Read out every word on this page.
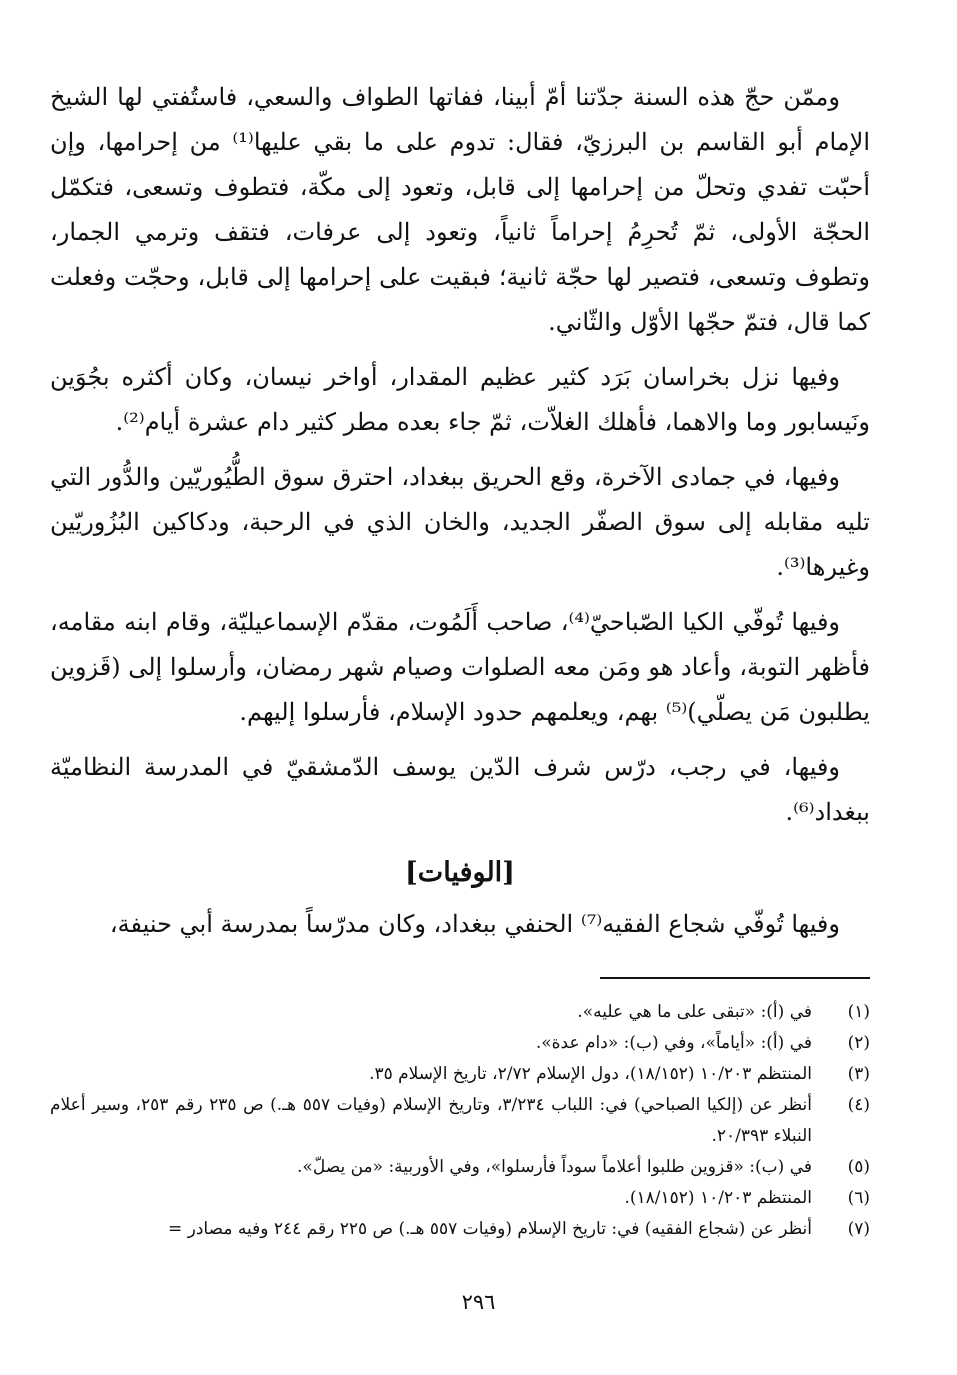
وممّن حجّ هذه السنة جدّتنا أمّ أبينا، ففاتها الطواف والسعي، فاستُفتي لها الشيخ الإمام أبو القاسم بن البرزيّ، فقال: تدوم على ما بقي عليها⁽¹⁾ من إحرامها، وإن أحبّت تفدي وتحلّ من إحرامها إلى قابل، وتعود إلى مكّة، فتطوف وتسعى، فتكمّل الحجّة الأولى، ثمّ تُحرِمُ إحراماً ثانياً، وتعود إلى عرفات، فتقف وترمي الجمار، وتطوف وتسعى، فتصير لها حجّة ثانية؛ فبقيت على إحرامها إلى قابل، وحجّت وفعلت كما قال، فتمّ حجّها الأوّل والثّاني.

وفيها نزل بخراسان بَرَد كثير عظيم المقدار، أواخر نيسان، وكان أكثره بجُوَين ونَيسابور وما والاهما، فأهلك الغلاّت، ثمّ جاء بعده مطر كثير دام عشرة أيام⁽²⁾.

وفيها، في جمادى الآخرة، وقع الحريق ببغداد، احترق سوق الطُّيُوريّين والدُّور التي تليه مقابله إلى سوق الصفّر الجديد، والخان الذي في الرحبة، ودكاكين البُزُوريّين وغيرها⁽³⁾.

وفيها تُوفّي الكيا الصّباحيّ⁽⁴⁾، صاحب أَلَمُوت، مقدّم الإسماعيليّة، وقام ابنه مقامه، فأظهر التوبة، وأعاد هو ومَن معه الصلوات وصيام شهر رمضان، وأرسلوا إلى (قَزوين يطلبون مَن يصلّي)⁽⁵⁾ بهم، ويعلمهم حدود الإسلام، فأرسلوا إليهم.

وفيها، في رجب، درّس شرف الدّين يوسف الدّمشقيّ في المدرسة النظاميّة ببغداد⁽⁶⁾.

[الوفيات]

وفيها تُوفّي شجاع الفقيه⁽⁷⁾ الحنفي ببغداد، وكان مدرّساً بمدرسة أبي حنيفة،

(١)
في (أ): «تبقى على ما هي عليه».
(٢)
في (أ): «أياماً»، وفي (ب): «دام عدة».
(٣)
المنتظم ١٠/٢٠٣ (١٨/١٥٢)، دول الإسلام ٢/٧٢، تاريخ الإسلام ٣٥.
(٤)
أنظر عن (إلكيا الصباحي) في: اللباب ٣/٢٣٤، وتاريخ الإسلام (وفيات ٥٥٧ هـ.) ص ٢٣٥ رقم ٢٥٣، وسير أعلام النبلاء ٢٠/٣٩٣.
(٥)
في (ب): «قزوين طلبوا أعلاماً سوداً فأرسلوا»، وفي الأوربية: «من يصلّ».
(٦)
المنتظم ١٠/٢٠٣ (١٨/١٥٢).
(٧)
أنظر عن (شجاع الفقيه) في: تاريخ الإسلام (وفيات ٥٥٧ هـ.) ص ٢٢٥ رقم ٢٤٤ وفيه مصادر =
٢٩٦
